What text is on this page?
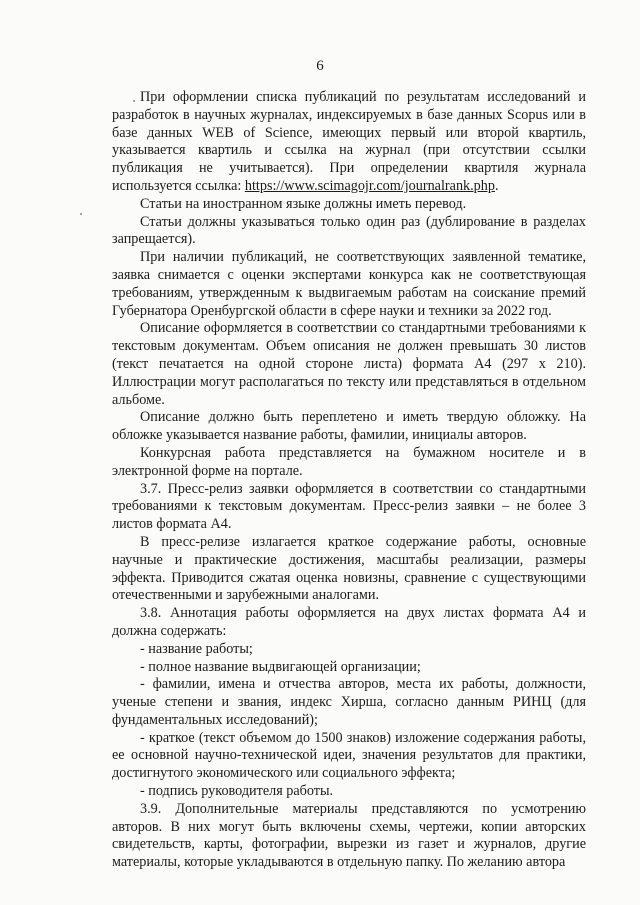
6

При оформлении списка публикаций по результатам исследований и разработок в научных журналах, индексируемых в базе данных Scopus или в базе данных WEB of Science, имеющих первый или второй квартиль, указывается квартиль и ссылка на журнал (при отсутствии ссылки публикация не учитывается). При определении квартиля журнала используется ссылка: https://www.scimagojr.com/journalrank.php.

Статьи на иностранном языке должны иметь перевод.

Статьи должны указываться только один раз (дублирование в разделах запрещается).

При наличии публикаций, не соответствующих заявленной тематике, заявка снимается с оценки экспертами конкурса как не соответствующая требованиям, утвержденным к выдвигаемым работам на соискание премий Губернатора Оренбургской области в сфере науки и техники за 2022 год.

Описание оформляется в соответствии со стандартными требованиями к текстовым документам. Объем описания не должен превышать 30 листов (текст печатается на одной стороне листа) формата А4 (297 x 210). Иллюстрации могут располагаться по тексту или представляться в отдельном альбоме.

Описание должно быть переплетено и иметь твердую обложку. На обложке указывается название работы, фамилии, инициалы авторов.

Конкурсная работа представляется на бумажном носителе и в электронной форме на портале.

3.7. Пресс-релиз заявки оформляется в соответствии со стандартными требованиями к текстовым документам. Пресс-релиз заявки – не более 3 листов формата А4.

В пресс-релизе излагается краткое содержание работы, основные научные и практические достижения, масштабы реализации, размеры эффекта. Приводится сжатая оценка новизны, сравнение с существующими отечественными и зарубежными аналогами.

3.8. Аннотация работы оформляется на двух листах формата А4 и должна содержать:

- название работы;

- полное название выдвигающей организации;

- фамилии, имена и отчества авторов, места их работы, должности, ученые степени и звания, индекс Хирша, согласно данным РИНЦ (для фундаментальных исследований);

- краткое (текст объемом до 1500 знаков) изложение содержания работы, ее основной научно-технической идеи, значения результатов для практики, достигнутого экономического или социального эффекта;

- подпись руководителя работы.

3.9. Дополнительные материалы представляются по усмотрению авторов. В них могут быть включены схемы, чертежи, копии авторских свидетельств, карты, фотографии, вырезки из газет и журналов, другие материалы, которые укладываются в отдельную папку. По желанию автора
